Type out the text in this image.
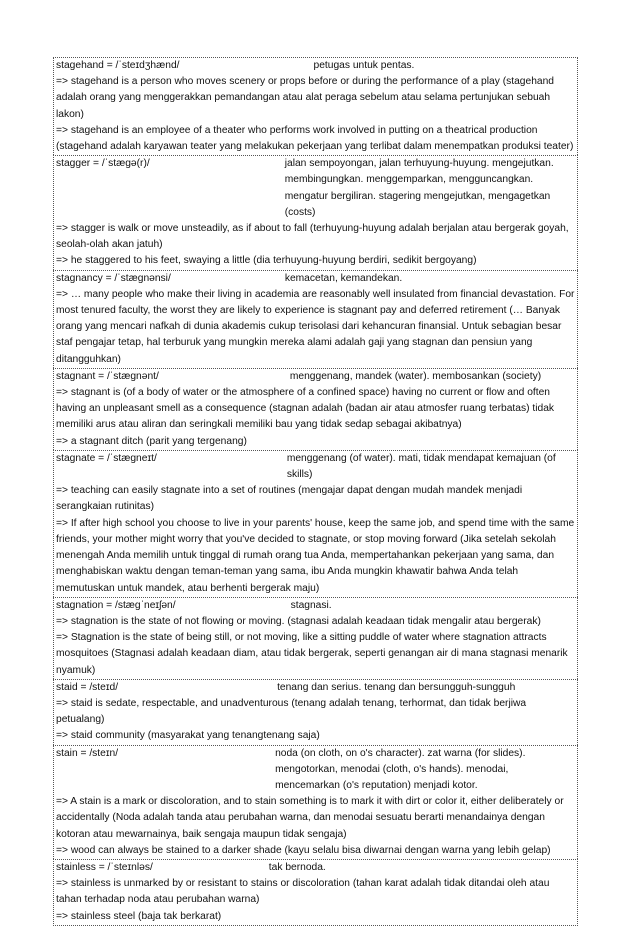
stagehand = /ˈsteɪdʒhænd/	petugas untuk pentas.
=> stagehand is a person who moves scenery or props before or during the performance of a play (stagehand adalah orang yang menggerakkan pemandangan atau alat peraga sebelum atau selama pertunjukan sebuah lakon)
=> stagehand is an employee of a theater who performs work involved in putting on a theatrical production (stagehand adalah karyawan teater yang melakukan pekerjaan yang terlibat dalam menempatkan produksi teater)
stagger = /ˈstæɡə(r)/	jalan sempoyongan, jalan terhuyung-huyung. mengejutkan. membingungkan. menggemparkan, mengguncangkan. mengatur bergiliran. stagering mengejutkan, mengagetkan (costs)
=> stagger is walk or move unsteadily, as if about to fall (terhuyung-huyung adalah berjalan atau bergerak goyah, seolah-olah akan jatuh)
=> he staggered to his feet, swaying a little (dia terhuyung-huyung berdiri, sedikit bergoyang)
stagnancy = /ˈstæɡnənsi/	kemacetan, kemandekan.
=> … many people who make their living in academia are reasonably well insulated from financial devastation. For most tenured faculty, the worst they are likely to experience is stagnant pay and deferred retirement (… Banyak orang yang mencari nafkah di dunia akademis cukup terisolasi dari kehancuran finansial. Untuk sebagian besar staf pengajar tetap, hal terburuk yang mungkin mereka alami adalah gaji yang stagnan dan pensiun yang ditangguhkan)
stagnant = /ˈstæɡnənt/	menggenang, mandek (water). membosankan (society)
=> stagnant is (of a body of water or the atmosphere of a confined space) having no current or flow and often having an unpleasant smell as a consequence (stagnan adalah (badan air atau atmosfer ruang terbatas) tidak memiliki arus atau aliran dan seringkali memiliki bau yang tidak sedap sebagai akibatnya)
=> a stagnant ditch (parit yang tergenang)
stagnate = /ˈstæɡneɪt/	menggenang (of water). mati, tidak mendapat kemajuan (of skills)
=> teaching can easily stagnate into a set of routines (mengajar dapat dengan mudah mandek menjadi serangkaian rutinitas)
=> If after high school you choose to live in your parents' house, keep the same job, and spend time with the same friends, your mother might worry that you've decided to stagnate, or stop moving forward (Jika setelah sekolah menengah Anda memilih untuk tinggal di rumah orang tua Anda, mempertahankan pekerjaan yang sama, dan menghabiskan waktu dengan teman-teman yang sama, ibu Anda mungkin khawatir bahwa Anda telah memutuskan untuk mandek, atau berhenti bergerak maju)
stagnation = /stæɡˈneɪʃən/	stagnasi.
=> stagnation is the state of not flowing or moving. (stagnasi adalah keadaan tidak mengalir atau bergerak)
=> Stagnation is the state of being still, or not moving, like a sitting puddle of water where stagnation attracts mosquitoes (Stagnasi adalah keadaan diam, atau tidak bergerak, seperti genangan air di mana stagnasi menarik nyamuk)
staid = /steɪd/	tenang dan serius. tenang dan bersungguh-sungguh
=> staid is sedate, respectable, and unadventurous (tenang adalah tenang, terhormat, dan tidak berjiwa petualang)
=> staid community (masyarakat yang tenangtenang saja)
stain = /steɪn/	noda (on cloth, on o's character). zat warna (for slides). mengotorkan, menodai (cloth, o's hands). menodai, mencemarkan (o's reputation) menjadi kotor.
=> A stain is a mark or discoloration, and to stain something is to mark it with dirt or color it, either deliberately or accidentally (Noda adalah tanda atau perubahan warna, dan menodai sesuatu berarti menandainya dengan kotoran atau mewarnainya, baik sengaja maupun tidak sengaja)
=> wood can always be stained to a darker shade (kayu selalu bisa diwarnai dengan warna yang lebih gelap)
stainless = /ˈsteɪnləs/	tak bernoda.
=> stainless is unmarked by or resistant to stains or discoloration (tahan karat adalah tidak ditandai oleh atau tahan terhadap noda atau perubahan warna)
=> stainless steel (baja tak berkarat)
